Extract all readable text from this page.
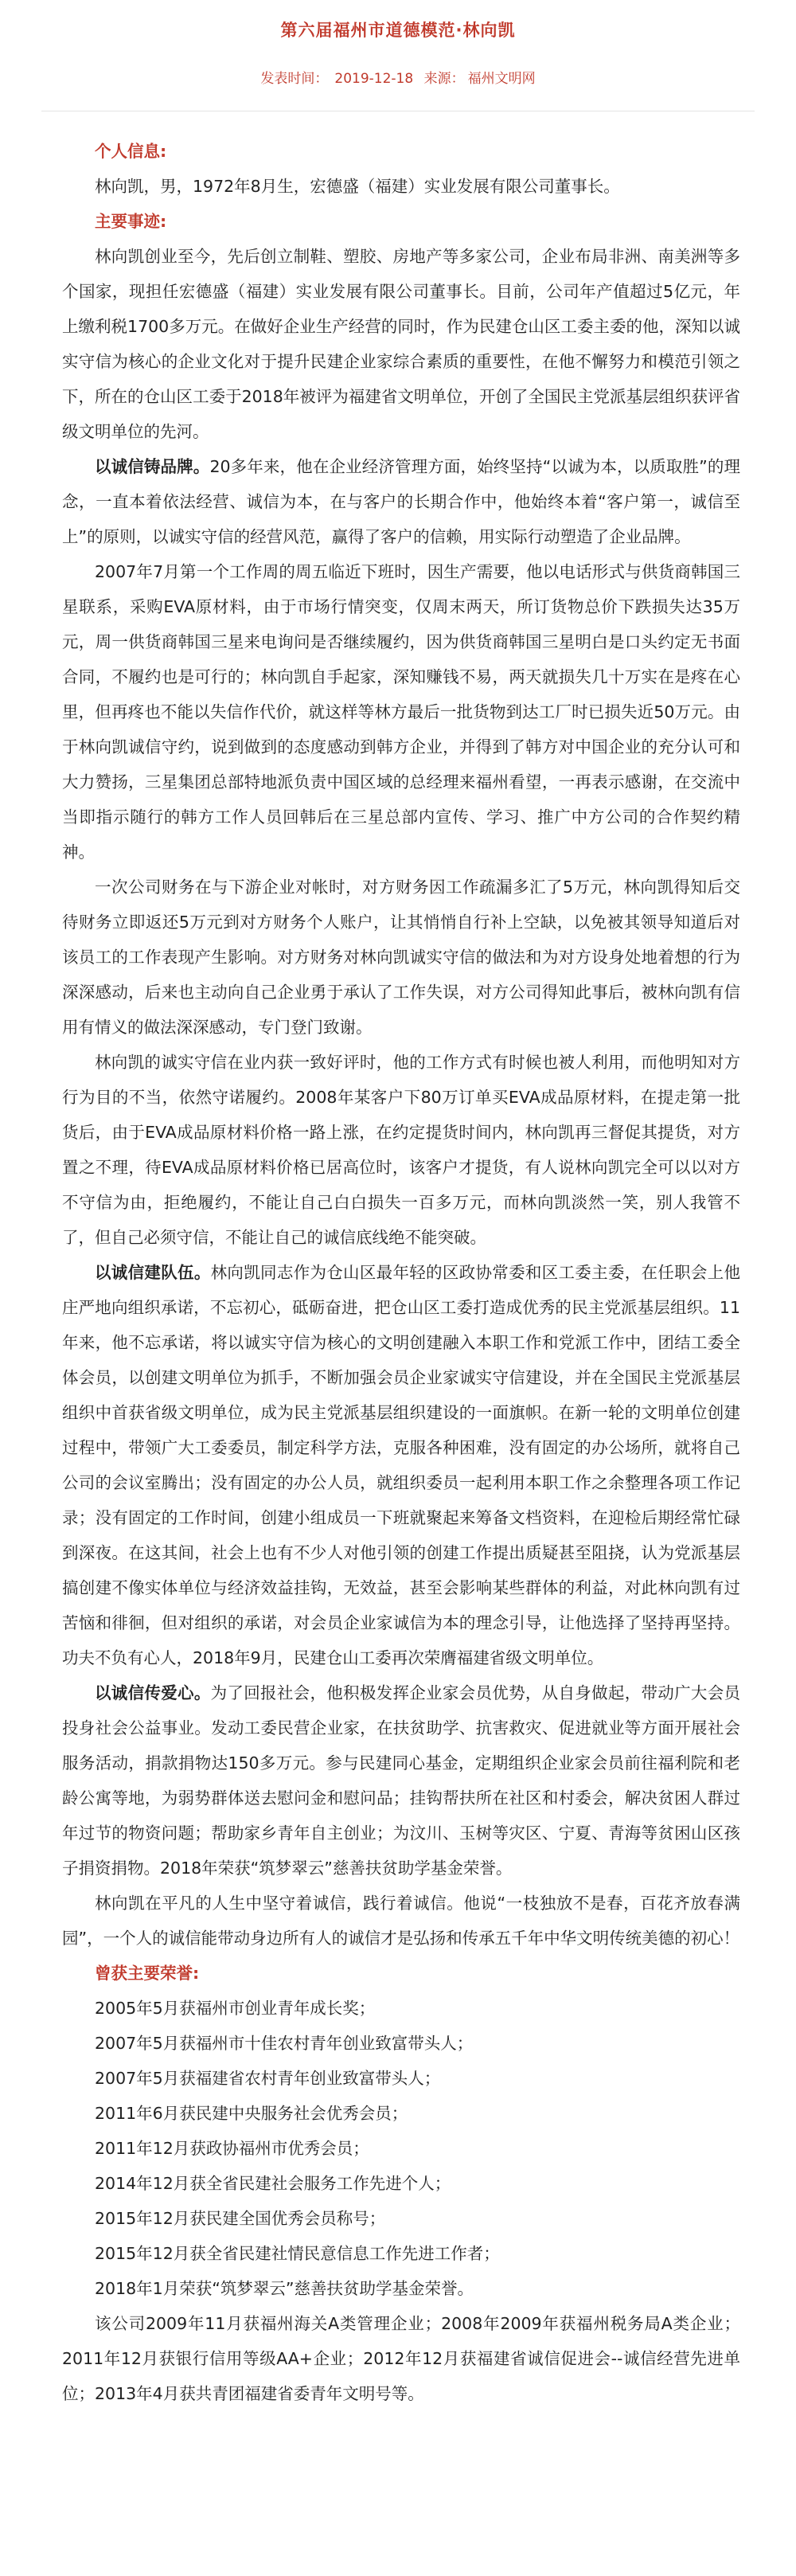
第六届福州市道德模范·林向凯
发表时间： 2019-12-18 来源： 福州文明网

个人信息:

林向凯，男，1972年8月生，宏德盛（福建）实业发展有限公司董事长。

主要事迹:

林向凯创业至今，先后创立制鞋、塑胶、房地产等多家公司，企业布局非洲、南美洲等多个国家，现担任宏德盛（福建）实业发展有限公司董事长。目前，公司年产值超过5亿元，年上缴利税1700多万元。在做好企业生产经营的同时，作为民建仓山区工委主委的他，深知以诚实守信为核心的企业文化对于提升民建企业家综合素质的重要性，在他不懈努力和模范引领之下，所在的仓山区工委于2018年被评为福建省文明单位，开创了全国民主党派基层组织获评省级文明单位的先河。

以诚信铸品牌。20多年来，他在企业经济管理方面，始终坚持“以诚为本，以质取胜”的理念，一直本着依法经营、诚信为本，在与客户的长期合作中，他始终本着“客户第一，诚信至上”的原则，以诚实守信的经营风范，赢得了客户的信赖，用实际行动塑造了企业品牌。

2007年7月第一个工作周的周五临近下班时，因生产需要，他以电话形式与供货商韩国三星联系，采购EVA原材料，由于市场行情突变，仅周末两天，所订货物总价下跌损失达35万元，周一供货商韩国三星来电询问是否继续履约，因为供货商韩国三星明白是口头约定无书面合同，不履约也是可行的；林向凯自手起家，深知赚钱不易，两天就损失几十万实在是疼在心里，但再疼也不能以失信作代价，就这样等林方最后一批货物到达工厂时已损失近50万元。由于林向凯诚信守约，说到做到的态度感动到韩方企业，并得到了韩方对中国企业的充分认可和大力赞扬，三星集团总部特地派负责中国区域的总经理来福州看望，一再表示感谢，在交流中当即指示随行的韩方工作人员回韩后在三星总部内宣传、学习、推广中方公司的合作契约精神。

一次公司财务在与下游企业对帐时，对方财务因工作疏漏多汇了5万元，林向凯得知后交待财务立即返还5万元到对方财务个人账户，让其悄悄自行补上空缺，以免被其领导知道后对该员工的工作表现产生影响。对方财务对林向凯诚实守信的做法和为对方设身处地着想的行为深深感动，后来也主动向自己企业勇于承认了工作失误，对方公司得知此事后，被林向凯有信用有情义的做法深深感动，专门登门致谢。

林向凯的诚实守信在业内获一致好评时，他的工作方式有时候也被人利用，而他明知对方行为目的不当，依然守诺履约。2008年某客户下80万订单买EVA成品原材料，在提走第一批货后，由于EVA成品原材料价格一路上涨，在约定提货时间内，林向凯再三督促其提货，对方置之不理，待EVA成品原材料价格已居高位时，该客户才提货，有人说林向凯完全可以以对方不守信为由，拒绝履约，不能让自己白白损失一百多万元，而林向凯淡然一笑，别人我管不了，但自己必须守信，不能让自己的诚信底线绝不能突破。

以诚信建队伍。林向凯同志作为仓山区最年轻的区政协常委和区工委主委，在任职会上他庄严地向组织承诺，不忘初心，砥砺奋进，把仓山区工委打造成优秀的民主党派基层组织。11年来，他不忘承诺，将以诚实守信为核心的文明创建融入本职工作和党派工作中，团结工委全体会员，以创建文明单位为抓手，不断加强会员企业家诚实守信建设，并在全国民主党派基层组织中首获省级文明单位，成为民主党派基层组织建设的一面旗帜。在新一轮的文明单位创建过程中，带领广大工委委员，制定科学方法，克服各种困难，没有固定的办公场所，就将自己公司的会议室腾出；没有固定的办公人员，就组织委员一起利用本职工作之余整理各项工作记录；没有固定的工作时间，创建小组成员一下班就聚起来筹备文档资料，在迎检后期经常忙碌到深夜。在这其间，社会上也有不少人对他引领的创建工作提出质疑甚至阻挠，认为党派基层搞创建不像实体单位与经济效益挂钩，无效益，甚至会影响某些群体的利益，对此林向凯有过苦恼和徘徊，但对组织的承诺，对会员企业家诚信为本的理念引导，让他选择了坚持再坚持。功夫不负有心人，2018年9月，民建仓山工委再次荣膺福建省级文明单位。

以诚信传爱心。为了回报社会，他积极发挥企业家会员优势，从自身做起，带动广大会员投身社会公益事业。发动工委民营企业家，在扶贫助学、抗害救灾、促进就业等方面开展社会服务活动，捐款捐物达150多万元。参与民建同心基金，定期组织企业家会员前往福利院和老龄公寓等地，为弱势群体送去慰问金和慰问品；挂钩帮扶所在社区和村委会，解决贫困人群过年过节的物资问题；帮助家乡青年自主创业；为汶川、玉树等灾区、宁夏、青海等贫困山区孩子捐资捐物。2018年荣获“筑梦翠云”慈善扶贫助学基金荣誉。

林向凯在平凡的人生中坚守着诚信，践行着诚信。他说“一枝独放不是春，百花齐放春满园”，一个人的诚信能带动身边所有人的诚信才是弘扬和传承五千年中华文明传统美德的初心！

曾获主要荣誉:

2005年5月获福州市创业青年成长奖；
2007年5月获福州市十佳农村青年创业致富带头人；
2007年5月获福建省农村青年创业致富带头人；
2011年6月获民建中央服务社会优秀会员；
2011年12月获政协福州市优秀会员；
2014年12月获全省民建社会服务工作先进个人；
2015年12月获民建全国优秀会员称号；
2015年12月获全省民建社情民意信息工作先进工作者；
2018年1月荣获“筑梦翠云”慈善扶贫助学基金荣誉。

该公司2009年11月获福州海关A类管理企业；2008年2009年获福州税务局A类企业；2011年12月获银行信用等级AA+企业；2012年12月获福建省诚信促进会--诚信经营先进单位；2013年4月获共青团福建省委青年文明号等。
